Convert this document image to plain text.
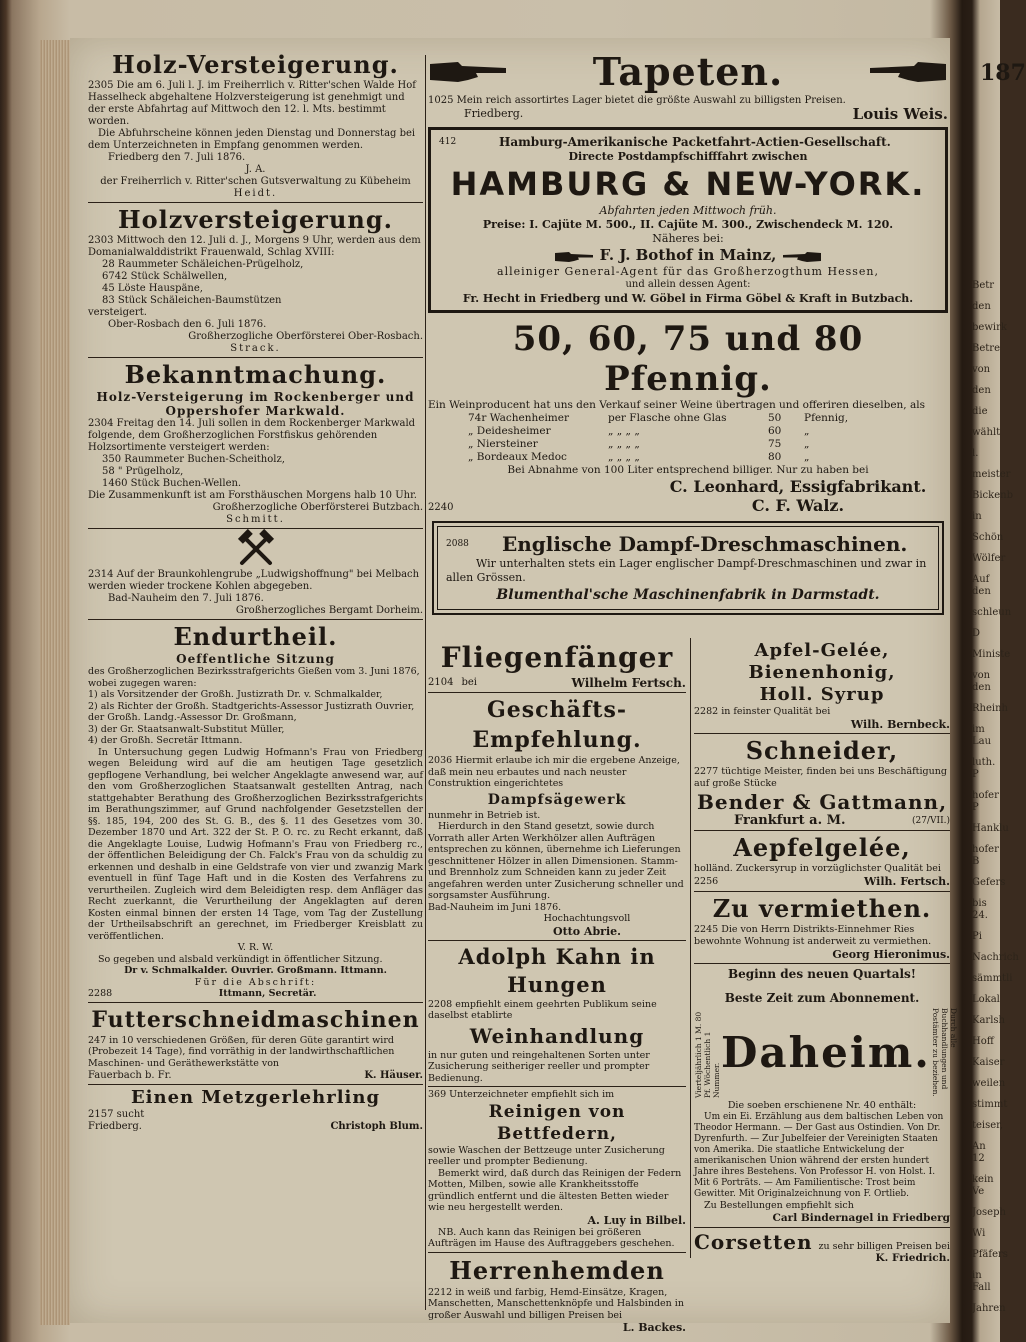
187
Holz-Versteigerung.

2305 Die am 6. Juli l. J. im Freiherrlich v. Ritter'schen Walde Hof Hasselheck abgehaltene Holzversteigerung ist genehmigt und der erste Abfahrtag auf Mittwoch den 12. l. Mts. bestimmt worden.

Die Abfuhrscheine können jeden Dienstag und Donnerstag bei dem Unterzeichneten in Empfang genommen werden.

Friedberg den 7. Juli 1876.

J. A.

der Freiherrlich v. Ritter'schen Gutsverwaltung zu Kübeheim

Heidt.

Holzversteigerung.

2303 Mittwoch den 12. Juli d. J., Morgens 9 Uhr, werden aus dem Domanialwalddistrikt Frauenwald, Schlag XVIII:

28 Raummeter Schäleichen-Prügelholz,
6742 Stück Schälwellen,
45 Löste Hauspäne,
83 Stück Schäleichen-Baumstützen

versteigert.

Ober-Rosbach den 6. Juli 1876.

Großherzogliche Oberförsterei Ober-Rosbach.

Strack.

Bekanntmachung.
Holz-Versteigerung im Rockenberger und Oppershofer Markwald.

2304 Freitag den 14. Juli sollen in dem Rockenberger Markwald folgende, dem Großherzoglichen Forstfiskus gehörenden Holzsortimente versteigert werden:

350 Raummeter Buchen-Scheitholz,
58 " Prügelholz,
1460 Stück Buchen-Wellen.

Die Zusammenkunft ist am Forsthäuschen Morgens halb 10 Uhr.

Großherzogliche Oberförsterei Butzbach.

Schmitt.

2314 Auf der Braunkohlengrube „Ludwigshoffnung" bei Melbach werden wieder trockene Kohlen abgegeben.

Bad-Nauheim den 7. Juli 1876.

Großherzogliches Bergamt Dorheim.

Endurtheil.
Oeffentliche Sitzung

des Großherzoglichen Bezirksstrafgerichts Gießen vom 3. Juni 1876, wobei zugegen waren:

1) als Vorsitzender der Großh. Justizrath Dr. v. Schmalkalder,
2) als Richter der Großh. Stadtgerichts-Assessor Justizrath Ouvrier, der Großh. Landg.-Assessor Dr. Großmann,
3) der Gr. Staatsanwalt-Substitut Müller,
4) der Großh. Secretär Ittmann.

In Untersuchung gegen Ludwig Hofmann's Frau von Friedberg wegen Beleidung wird auf die am heutigen Tage gesetzlich gepflogene Verhandlung, bei welcher Angeklagte anwesend war, auf den vom Großherzoglichen Staatsanwalt gestellten Antrag, nach stattgehabter Berathung des Großherzoglichen Bezirksstrafgerichts im Berathungszimmer, auf Grund nachfolgender Gesetzstellen der §§. 185, 194, 200 des St. G. B., des §. 11 des Gesetzes vom 30. Dezember 1870 und Art. 322 der St. P. O. rc. zu Recht erkannt, daß die Angeklagte Louise, Ludwig Hofmann's Frau von Friedberg rc., der öffentlichen Beleidigung der Ch. Falck's Frau von da schuldig zu erkennen und deshalb in eine Geldstrafe von vier und zwanzig Mark eventuell in fünf Tage Haft und in die Kosten des Verfahrens zu verurtheilen. Zugleich wird dem Beleidigten resp. dem Anfläger das Recht zuerkannt, die Verurtheilung der Angeklagten auf deren Kosten einmal binnen der ersten 14 Tage, vom Tag der Zustellung der Urtheilsabschrift an gerechnet, im Friedberger Kreisblatt zu veröffentlichen.

V. R. W.

So gegeben und alsbald verkündigt in öffentlicher Sitzung.

Dr v. Schmalkalder. Ouvrier. Großmann. Ittmann.

Für die Abschrift:

2288	Ittmann, Secretär.
Futterschneidmaschinen

247 in 10 verschiedenen Größen, für deren Güte garantirt wird (Probezeit 14 Tage), find vorräthig in der landwirthschaftlichen Maschinen- und Geräthewerkstätte von

Fauerbach b. Fr.	K. Häuser.
Einen Metzgerlehrling
2157 sucht
Friedberg.	Christoph Blum.
Tapeten.

1025 Mein reich assortirtes Lager bietet die größte Auswahl zu billigsten Preisen.

Friedberg.	Louis Weis.
412	Hamburg-Amerikanische Packetfahrt-Actien-Gesellschaft.
Directe Postdampfschifffahrt zwischen
HAMBURG & NEW-YORK.
Abfahrten jeden Mittwoch früh.
Preise: I. Cajüte M. 500., II. Cajüte M. 300., Zwischendeck M. 120.
Näheres bei:
F. J. Bothof in Mainz,
alleiniger General-Agent für das Großherzogthum Hessen,
und allein dessen Agent:
Fr. Hecht in Friedberg und W. Göbel in Firma Göbel & Kraft in Butzbach.
50, 60, 75 und 80 Pfennig.

Ein Weinproducent hat uns den Verkauf seiner Weine übertragen und offeriren dieselben, als

74r Wachenheimer	per Flasche ohne Glas	50	Pfennig,
„ Deidesheimer	„ „ „ „	60	„
„ Niersteiner	„ „ „ „	75	„
„ Bordeaux Medoc	„ „ „ „	80	„

Bei Abnahme von 100 Liter entsprechend billiger. Nur zu haben bei

2240
C. Leonhard, Essigfabrikant.
C. F. Walz.
2088	Englische Dampf-Dreschmaschinen.

Wir unterhalten stets ein Lager englischer Dampf-Dreschmaschinen und zwar in allen Grössen.

Blumenthal'sche Maschinenfabrik in Darmstadt.

Fliegenfänger
2104 bei	Wilhelm Fertsch.
Geschäfts-Empfehlung.

2036 Hiermit erlaube ich mir die ergebene Anzeige, daß mein neu erbautes und nach neuster Construktion eingerichtetes

Dampfsägewerk

nunmehr in Betrieb ist.

Hierdurch in den Stand gesetzt, sowie durch Vorrath aller Arten Werkhölzer allen Aufträgen entsprechen zu können, übernehme ich Lieferungen geschnittener Hölzer in allen Dimensionen. Stamm- und Brennholz zum Schneiden kann zu jeder Zeit angefahren werden unter Zusicherung schneller und sorgsamster Ausführung.

Bad-Nauheim im Juni 1876.

Hochachtungsvoll

Otto Abrie.

Adolph Kahn in Hungen

2208 empfiehlt einem geehrten Publikum seine daselbst etablirte

Weinhandlung

in nur guten und reingehaltenen Sorten unter Zusicherung seitheriger reeller und prompter Bedienung.

369 Unterzeichneter empfiehlt sich im

Reinigen von Bettfedern,

sowie Waschen der Bettzeuge unter Zusicherung reeller und prompter Bedienung.

Bemerkt wird, daß durch das Reinigen der Federn Motten, Milben, sowie alle Krankheitsstoffe gründlich entfernt und die ältesten Betten wieder wie neu hergestellt werden.

A. Luy in Bilbel.

NB. Auch kann das Reinigen bei größeren Aufträgen im Hause des Auftraggebers geschehen.

Herrenhemden

2212 in weiß und farbig, Hemd-Einsätze, Kragen, Manschetten, Manschettenknöpfe und Halsbinden in großer Auswahl und billigen Preisen bei

L. Backes.

Apfel-Gelée,
Bienenhonig,
Holl. Syrup

2282 in feinster Qualität bei

Wilh. Bernbeck.

Schneider,

2277 tüchtige Meister, finden bei uns Beschäftigung auf große Stücke

Bender & Gattmann,
Frankfurt a. M.	(27/VII.)
Aepfelgelée,

holländ. Zuckersyrup in vorzüglichster Qualität bei

2256	Wilh. Fertsch.
Zu vermiethen.

2245 Die von Herrn Distrikts-Einnehmer Ries bewohnte Wohnung ist anderweit zu vermiethen.

Georg Hieronimus.

Beginn des neuen Quartals!
Beste Zeit zum Abonnement.
Vierteljährlich 1 M. 80 Pf. Wöchentlich 1 Nummer.
Daheim.
Durch alle Buchhandlungen und Postämter zu beziehen.

Die soeben erschienene Nr. 40 enthält:

Um ein Ei. Erzählung aus dem baltischen Leben von Theodor Hermann. — Der Gast aus Ostindien. Von Dr. Dyrenfurth. — Zur Jubelfeier der Vereinigten Staaten von Amerika. Die staatliche Entwickelung der amerikanischen Union während der ersten hundert Jahre ihres Bestehens. Von Professor H. von Holst. I. Mit 6 Porträts. — Am Familientische: Trost beim Gewitter. Mit Originalzeichnung von F. Ortlieb.

Zu Bestellungen empfiehlt sich

Carl Bindernagel in Friedberg

Corsetten zu sehr billigen Preisen bei

K. Friedrich.

Betr
den
bewirk
Betre
von
den
die
wählt
l.
meister
Bickenb
in
Schön
Wölfer
Auf den
schleun
D
Ministe
von den
Rheinh
im Lau
luth. P
hofer P
Hanklu
hofer B
Gefers
bis 24.
Pi
Nachrich
sämmtli
Lokal
Karlsh
Hoff
Kaiser
weilen
stimmt
teiser,
An 12
kein Ve
Joseph
Wi
Pfäfers
in Fall
Jahren
